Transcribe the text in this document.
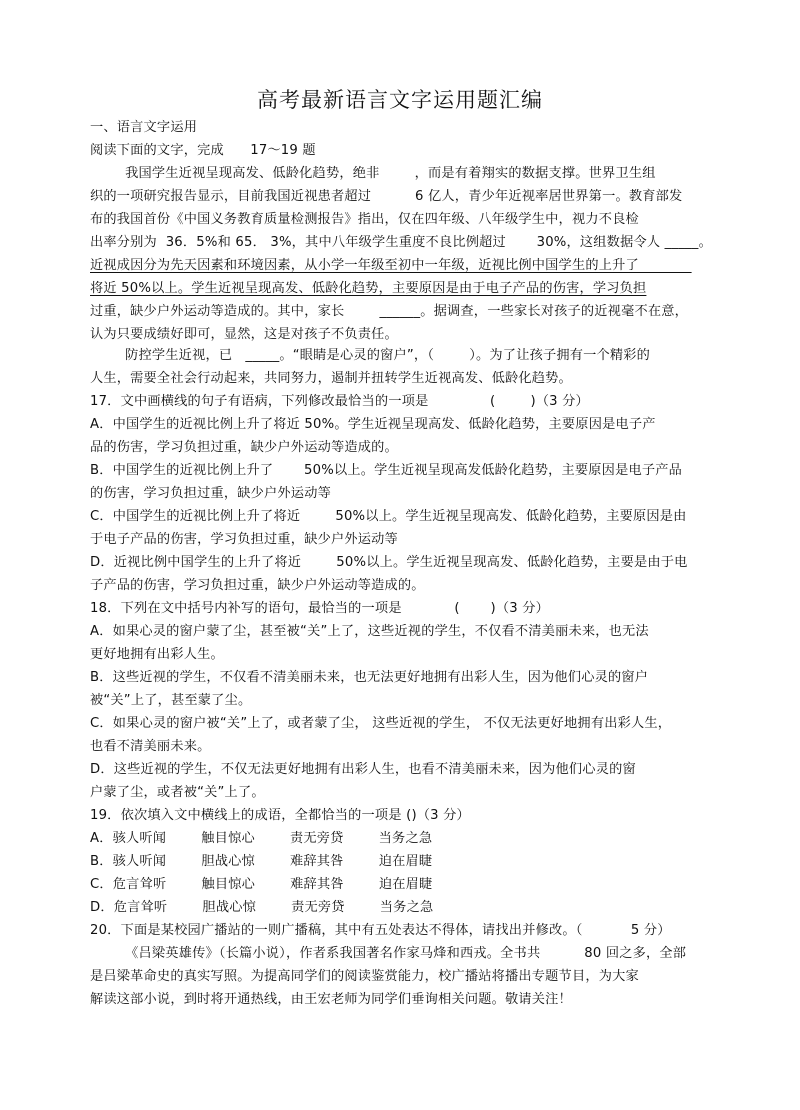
高考最新语言文字运用题汇编
一、语言文字运用
阅读下面的文字，完成      17～19 题
我国学生近视呈现高发、低龄化趋势，绝非        ，而是有着翔实的数据支撑。世界卫生组
织的一项研究报告显示，目前我国近视患者超过          6 亿人，青少年近视率居世界第一。教育部发
布的我国首份《中国义务教育质量检测报告》指出，仅在四年级、八年级学生中，视力不良检
出率分别为  36．5%和 65． 3%，其中八年级学生重度不良比例超过       30%，这组数据令人 _____。
近视成因分为先天因素和环境因素，从小学一年级至初中一年级，近视比例中国学生的上升了
将近 50%以上。学生近视呈现高发、低龄化趋势，主要原因是由于电子产品的伤害，学习负担
过重，缺少户外运动等造成的。其中，家长        ______。据调查，一些家长对孩子的近视毫不在意，
认为只要成绩好即可，显然，这是对孩子不负责任。
防控学生近视，已   _____。“眼睛是心灵的窗户”，（        ）。为了让孩子拥有一个精彩的
人生，需要全社会行动起来，共同努力，遏制并扭转学生近视高发、低龄化趋势。
17．文中画横线的句子有语病，下列修改最恰当的一项是              (        )（3 分）
A．中国学生的近视比例上升了将近 50%。学生近视呈现高发、低龄化趋势，主要原因是电子产
品的伤害，学习负担过重，缺少户外运动等造成的。
B．中国学生的近视比例上升了       50%以上。学生近视呈现高发低龄化趋势，主要原因是电子产品
的伤害，学习负担过重，缺少户外运动等
C．中国学生的近视比例上升了将近        50%以上。学生近视呈现高发、低龄化趋势，主要原因是由
于电子产品的伤害，学习负担过重，缺少户外运动等
D．近视比例中国学生的上升了将近        50%以上。学生近视呈现高发、低龄化趋势，主要是由于电
子产品的伤害，学习负担过重，缺少户外运动等造成的。
18．下列在文中括号内补写的语句，最恰当的一项是            (       )（3 分）
A．如果心灵的窗户蒙了尘，甚至被“关”上了，这些近视的学生，不仅看不清美丽未来，也无法
更好地拥有出彩人生。
B．这些近视的学生，不仅看不清美丽未来，也无法更好地拥有出彩人生，因为他们心灵的窗户
被“关”上了，甚至蒙了尘。
C．如果心灵的窗户被“关”上了，或者蒙了尘， 这些近视的学生， 不仅无法更好地拥有出彩人生，
也看不清美丽未来。
D．这些近视的学生，不仅无法更好地拥有出彩人生，也看不清美丽未来，因为他们心灵的窗
户蒙了尘，或者被“关”上了。
19．依次填入文中横线上的成语，全都恰当的一项是 ()（3 分）
A．骇人听闻        触目惊心        责无旁贷        当务之急
B．骇人听闻        胆战心惊        难辞其咎        迫在眉睫
C．危言耸听        触目惊心        难辞其咎        迫在眉睫
D．危言耸听        胆战心惊        责无旁贷        当务之急
20．下面是某校园广播站的一则广播稿，其中有五处表达不得体，请找出并修改。（           5 分）
《吕梁英雄传》（长篇小说），作者系我国著名作家马烽和西戎。全书共          80 回之多，全部
是吕梁革命史的真实写照。为提高同学们的阅读鉴赏能力，校广播站将播出专题节目，为大家
解读这部小说，到时将开通热线，由王宏老师为同学们垂询相关问题。敬请关注！
